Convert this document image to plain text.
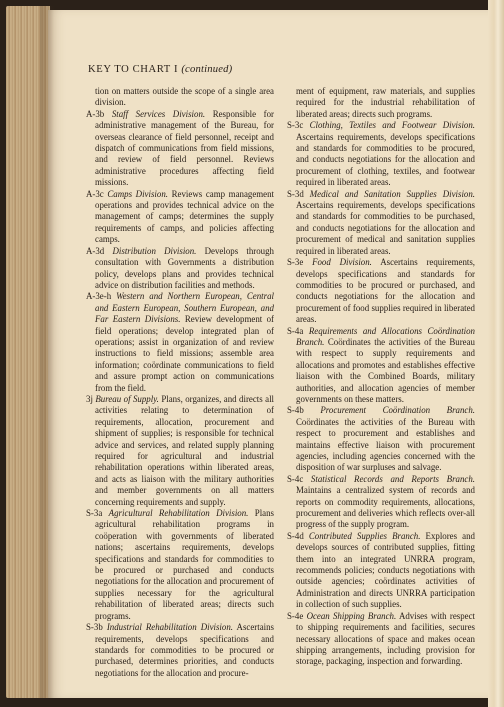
KEY TO CHART I (continued)

tion on matters outside the scope of a single area division.

A-3b Staff Services Division. Responsible for administrative management of the Bureau, for overseas clearance of field personnel, receipt and dispatch of communications from field missions, and review of field personnel. Reviews administrative procedures affecting field missions.

A-3c Camps Division. Reviews camp management operations and provides technical advice on the management of camps; determines the supply requirements of camps, and policies affecting camps.

A-3d Distribution Division. Develops through consultation with Governments a distribution policy, develops plans and provides technical advice on distribution facilities and methods.

A-3e-h Western and Northern European, Central and Eastern European, Southern European, and Far Eastern Divisions. Review development of field operations; develop integrated plan of operations; assist in organization of and review instructions to field missions; assemble area information; coördinate communications to field and assure prompt action on communications from the field.

3j Bureau of Supply. Plans, organizes, and directs all activities relating to determination of requirements, allocation, procurement and shipment of supplies; is responsible for technical advice and services, and related supply planning required for agricultural and industrial rehabilitation operations within liberated areas, and acts as liaison with the military authorities and member governments on all matters concerning requirements and supply.

S-3a Agricultural Rehabilitation Division. Plans agricultural rehabilitation programs in coöperation with governments of liberated nations; ascertains requirements, develops specifications and standards for commodities to be procured or purchased and conducts negotiations for the allocation and procurement of supplies necessary for the agricultural rehabilitation of liberated areas; directs such programs.

S-3b Industrial Rehabilitation Division. Ascertains requirements, develops specifications and standards for commodities to be procured or purchased, determines priorities, and conducts negotiations for the allocation and procure-

ment of equipment, raw materials, and supplies required for the industrial rehabilitation of liberated areas; directs such programs.

S-3c Clothing, Textiles and Footwear Division. Ascertains requirements, develops specifications and standards for commodities to be procured, and conducts negotiations for the allocation and procurement of clothing, textiles, and footwear required in liberated areas.

S-3d Medical and Sanitation Supplies Division. Ascertains requirements, develops specifications and standards for commodities to be purchased, and conducts negotiations for the allocation and procurement of medical and sanitation supplies required in liberated areas.

S-3e Food Division. Ascertains requirements, develops specifications and standards for commodities to be procured or purchased, and conducts negotiations for the allocation and procurement of food supplies required in liberated areas.

S-4a Requirements and Allocations Coördination Branch. Coördinates the activities of the Bureau with respect to supply requirements and allocations and promotes and establishes effective liaison with the Combined Boards, military authorities, and allocation agencies of member governments on these matters.

S-4b Procurement Coördination Branch. Coördinates the activities of the Bureau with respect to procurement and establishes and maintains effective liaison with procurement agencies, including agencies concerned with the disposition of war surpluses and salvage.

S-4c Statistical Records and Reports Branch. Maintains a centralized system of records and reports on commodity requirements, allocations, procurement and deliveries which reflects over-all progress of the supply program.

S-4d Contributed Supplies Branch. Explores and develops sources of contributed supplies, fitting them into an integrated UNRRA program, recommends policies; conducts negotiations with outside agencies; coördinates activities of Administration and directs UNRRA participation in collection of such supplies.

S-4e Ocean Shipping Branch. Advises with respect to shipping requirements and facilities, secures necessary allocations of space and makes ocean shipping arrangements, including provision for storage, packaging, inspection and forwarding.
